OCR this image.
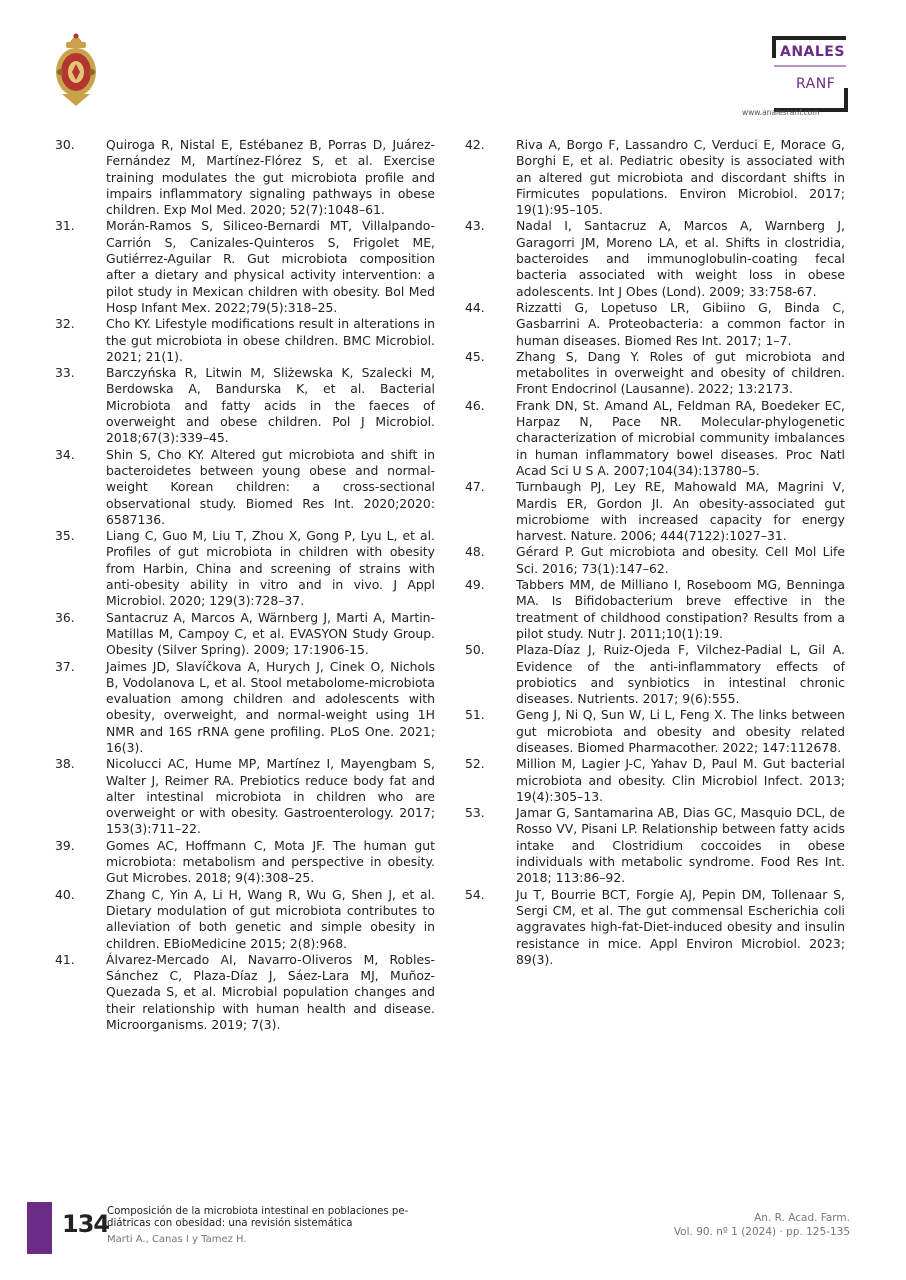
ANALES
RANF
www.analesranf.com
30.	Quiroga R, Nistal E, Estébanez B, Porras D, Juárez-Fernández M, Martínez-Flórez S, et al. Exercise training modulates the gut microbiota profile and impairs inflammatory signaling pathways in obese children. Exp Mol Med. 2020; 52(7):1048–61.
31.	Morán-Ramos S, Siliceo-Bernardi MT, Villalpando-Carrión S, Canizales-Quinteros S, Frigolet ME, Gutiérrez-Aguilar R. Gut microbiota composition after a dietary and physical activity intervention: a pilot study in Mexican children with obesity. Bol Med Hosp Infant Mex. 2022;79(5):318–25.
32.	Cho KY. Lifestyle modifications result in alterations in the gut microbiota in obese children. BMC Microbiol. 2021; 21(1).
33.	Barczyńska R, Litwin M, Sliżewska K, Szalecki M, Berdowska A, Bandurska K, et al. Bacterial Microbiota and fatty acids in the faeces of overweight and obese children. Pol J Microbiol. 2018;67(3):339–45.
34.	Shin S, Cho KY. Altered gut microbiota and shift in bacteroidetes between young obese and normal-weight Korean children: a cross-sectional observational study. Biomed Res Int. 2020;2020: 6587136.
35.	Liang C, Guo M, Liu T, Zhou X, Gong P, Lyu L, et al. Profiles of gut microbiota in children with obesity from Harbin, China and screening of strains with anti-obesity ability in vitro and in vivo. J Appl Microbiol. 2020; 129(3):728–37.
36.	Santacruz A, Marcos A, Wärnberg J, Marti A, Martin-Matillas M, Campoy C, et al. EVASYON Study Group. Obesity (Silver Spring). 2009; 17:1906-15.
37.	Jaimes JD, Slavíčkova A, Hurych J, Cinek O, Nichols B, Vodolanova L, et al. Stool metabolome-microbiota evaluation among children and adolescents with obesity, overweight, and normal-weight using 1H NMR and 16S rRNA gene profiling. PLoS One. 2021; 16(3).
38.	Nicolucci AC, Hume MP, Martínez I, Mayengbam S, Walter J, Reimer RA. Prebiotics reduce body fat and alter intestinal microbiota in children who are overweight or with obesity. Gastroenterology. 2017; 153(3):711–22.
39.	Gomes AC, Hoffmann C, Mota JF. The human gut microbiota: metabolism and perspective in obesity. Gut Microbes. 2018; 9(4):308–25.
40.	Zhang C, Yin A, Li H, Wang R, Wu G, Shen J, et al. Dietary modulation of gut microbiota contributes to alleviation of both genetic and simple obesity in children. EBioMedicine 2015; 2(8):968.
41.	Álvarez-Mercado AI, Navarro-Oliveros M, Robles-Sánchez C, Plaza-Díaz J, Sáez-Lara MJ, Muñoz-Quezada S, et al. Microbial population changes and their relationship with human health and disease. Microorganisms. 2019; 7(3).
42.	Riva A, Borgo F, Lassandro C, Verduci E, Morace G, Borghi E, et al. Pediatric obesity is associated with an altered gut microbiota and discordant shifts in Firmicutes populations. Environ Microbiol. 2017; 19(1):95–105.
43.	Nadal I, Santacruz A, Marcos A, Warnberg J, Garagorri JM, Moreno LA, et al. Shifts in clostridia, bacteroides and immunoglobulin-coating fecal bacteria associated with weight loss in obese adolescents. Int J Obes (Lond). 2009; 33:758-67.
44.	Rizzatti G, Lopetuso LR, Gibiino G, Binda C, Gasbarrini A. Proteobacteria: a common factor in human diseases. Biomed Res Int. 2017; 1–7.
45.	Zhang S, Dang Y. Roles of gut microbiota and metabolites in overweight and obesity of children. Front Endocrinol (Lausanne). 2022; 13:2173.
46.	Frank DN, St. Amand AL, Feldman RA, Boedeker EC, Harpaz N, Pace NR. Molecular-phylogenetic characterization of microbial community imbalances in human inflammatory bowel diseases. Proc Natl Acad Sci U S A. 2007;104(34):13780–5.
47.	Turnbaugh PJ, Ley RE, Mahowald MA, Magrini V, Mardis ER, Gordon JI. An obesity-associated gut microbiome with increased capacity for energy harvest. Nature. 2006; 444(7122):1027–31.
48.	Gérard P. Gut microbiota and obesity. Cell Mol Life Sci. 2016; 73(1):147–62.
49.	Tabbers MM, de Milliano I, Roseboom MG, Benninga MA. Is Bifidobacterium breve effective in the treatment of childhood constipation? Results from a pilot study. Nutr J. 2011;10(1):19.
50.	Plaza-Díaz J, Ruiz-Ojeda F, Vilchez-Padial L, Gil A. Evidence of the anti-inflammatory effects of probiotics and synbiotics in intestinal chronic diseases. Nutrients. 2017; 9(6):555.
51.	Geng J, Ni Q, Sun W, Li L, Feng X. The links between gut microbiota and obesity and obesity related diseases. Biomed Pharmacother. 2022; 147:112678.
52.	Million M, Lagier J-C, Yahav D, Paul M. Gut bacterial microbiota and obesity. Clin Microbiol Infect. 2013; 19(4):305–13.
53.	Jamar G, Santamarina AB, Dias GC, Masquio DCL, de Rosso VV, Pisani LP. Relationship between fatty acids intake and Clostridium coccoides in obese individuals with metabolic syndrome. Food Res Int. 2018; 113:86–92.
54.	Ju T, Bourrie BCT, Forgie AJ, Pepin DM, Tollenaar S, Sergi CM, et al. The gut commensal Escherichia coli aggravates high-fat-Diet-induced obesity and insulin resistance in mice. Appl Environ Microbiol. 2023; 89(3).
134
Composición de la microbiota intestinal en poblaciones pe-diátricas con obesidad: una revisión sistemática
Marti A., Canas I y Tamez H.
An. R. Acad. Farm.
Vol. 90. nº 1 (2024) · pp. 125-135
